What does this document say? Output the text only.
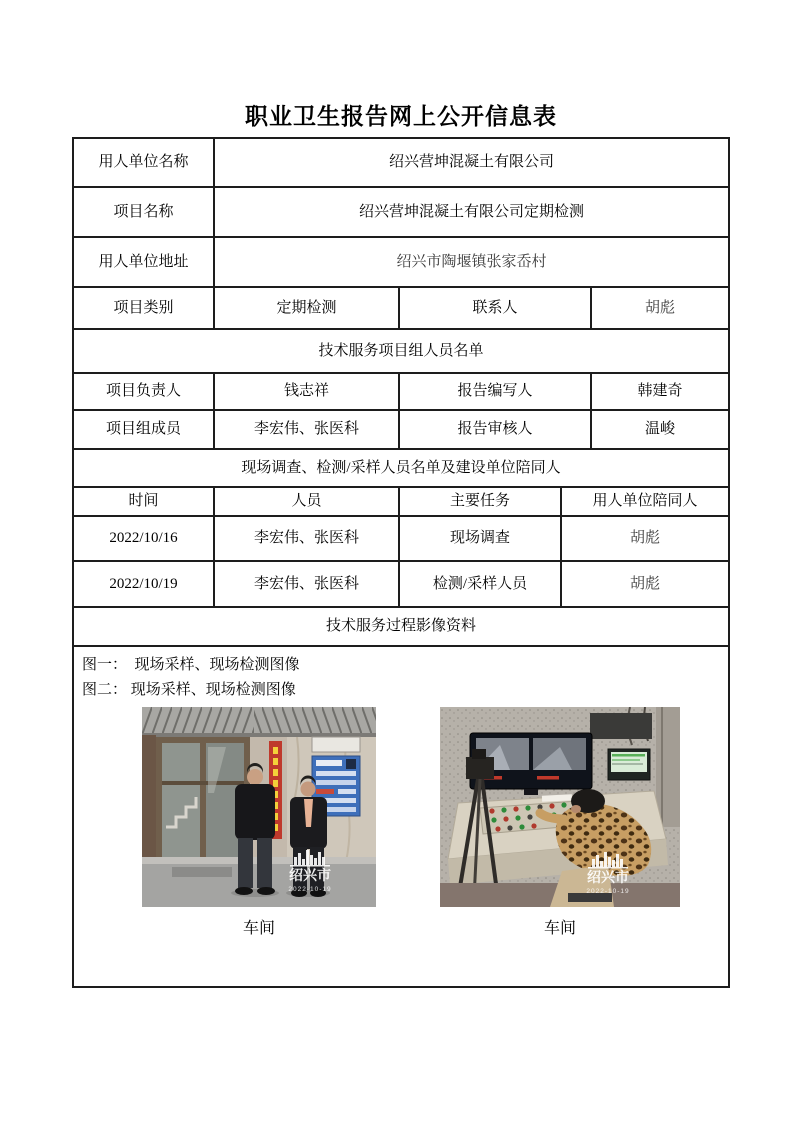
职业卫生报告网上公开信息表
用人单位名称	绍兴营坤混凝土有限公司
项目名称	绍兴营坤混凝土有限公司定期检测
用人单位地址	绍兴市陶堰镇张家岙村
项目类别	定期检测	联系人	胡彪
技术服务项目组人员名单
项目负责人	钱志祥	报告编写人	韩建奇
项目组成员	李宏伟、张医科	报告审核人	温峻
现场调查、检测/采样人员名单及建设单位陪同人
时间	人员	主要任务	用人单位陪同人
2022/10/16	李宏伟、张医科	现场调查	胡彪
2022/10/19	李宏伟、张医科	检测/采样人员	胡彪
技术服务过程影像资料
图一：  现场采样、现场检测图像
图二： 现场采样、现场检测图像
绍兴市
2022-10-19
车间
绍兴市
2022-10-19
车间
